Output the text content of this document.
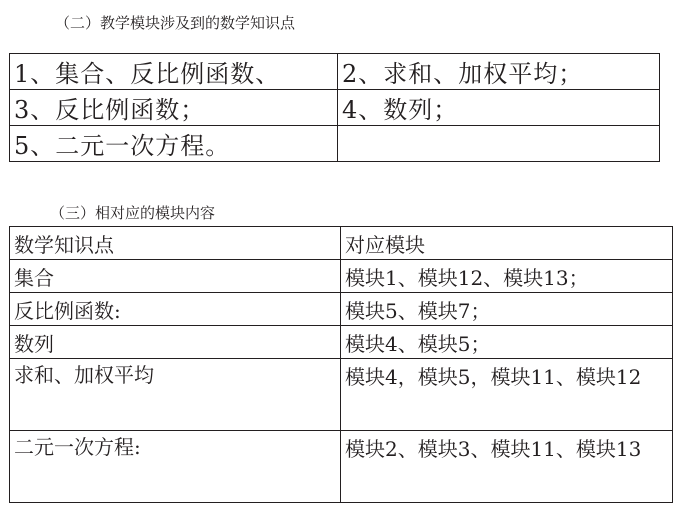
（二）教学模块涉及到的数学知识点
1、集合、反比例函数、	2、求和、加权平均；
3、反比例函数；	4、数列；
5、二元一次方程。	
（三）相对应的模块内容
数学知识点	对应模块
集合	模块1、模块12、模块13；
反比例函数:	模块5、模块7；
数列	模块4、模块5；
求和、加权平均	模块4，模块5，模块11、模块12
二元一次方程:	模块2、模块3、模块11、模块13
